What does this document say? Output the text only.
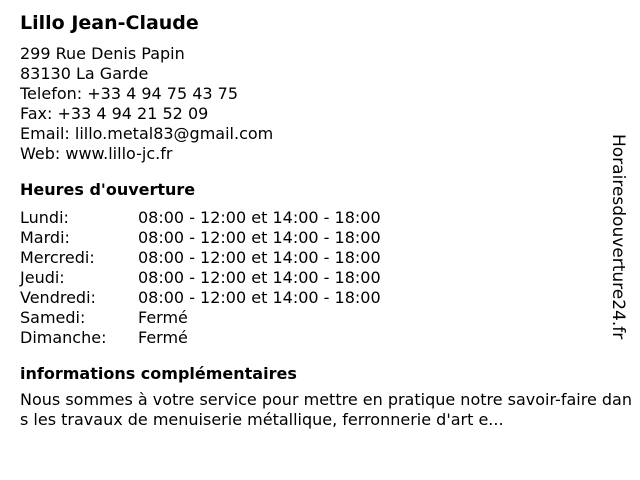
Lillo Jean-Claude
299 Rue Denis Papin
83130 La Garde
Telefon: +33 4 94 75 43 75
Fax: +33 4 94 21 52 09
Email: lillo.metal83@gmail.com
Web: www.lillo-jc.fr
Heures d'ouverture
Lundi:	08:00 - 12:00 et 14:00 - 18:00
Mardi:	08:00 - 12:00 et 14:00 - 18:00
Mercredi:	08:00 - 12:00 et 14:00 - 18:00
Jeudi:	08:00 - 12:00 et 14:00 - 18:00
Vendredi:	08:00 - 12:00 et 14:00 - 18:00
Samedi:	Fermé
Dimanche: Fermé
informations complémentaires

Nous sommes à votre service pour mettre en pratique notre savoir-faire dans les travaux de menuiserie métallique, ferronnerie d'art e...

Horairesdouverture24.fr
